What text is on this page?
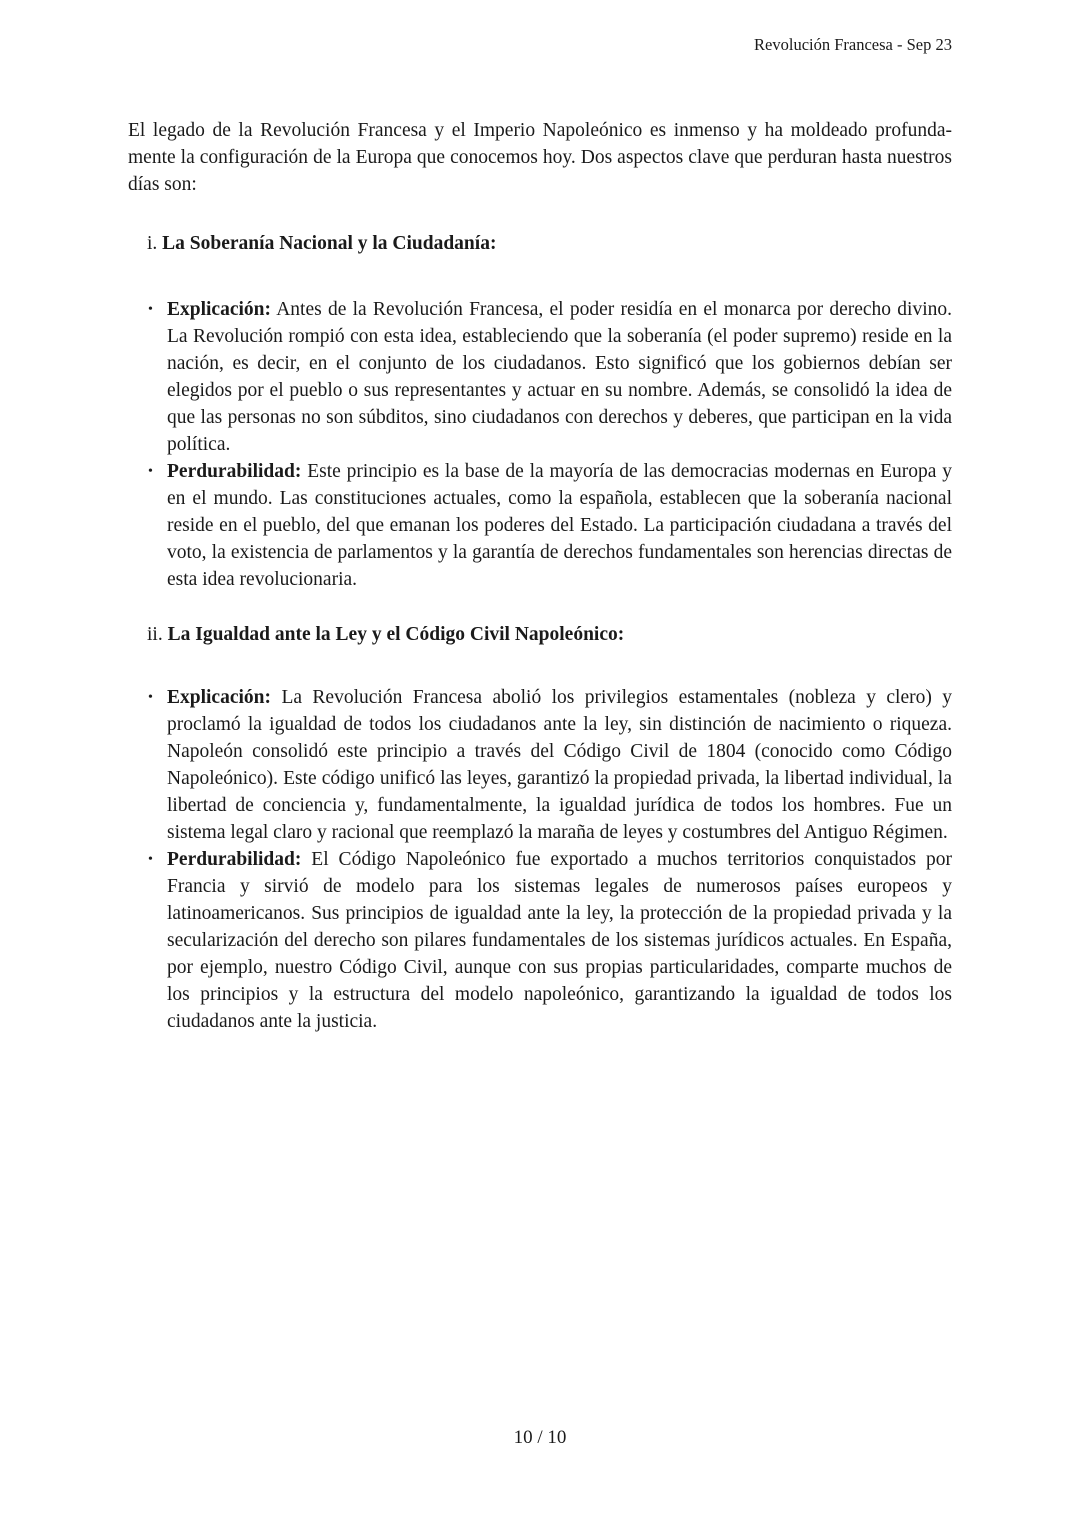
Revolución Francesa - Sep 23

El legado de la Revolución Francesa y el Imperio Napoleónico es inmenso y ha moldeado profundamente la configuración de la Europa que conocemos hoy. Dos aspectos clave que perduran hasta nuestros días son:

i. La Soberanía Nacional y la Ciudadanía:
• Explicación: Antes de la Revolución Francesa, el poder residía en el monarca por derecho divino. La Revolución rompió con esta idea, estableciendo que la soberanía (el poder supremo) reside en la nación, es decir, en el conjunto de los ciudadanos. Esto significó que los gobiernos debían ser elegidos por el pueblo o sus representantes y actuar en su nombre. Además, se consolidó la idea de que las personas no son súbditos, sino ciudadanos con derechos y deberes, que participan en la vida política.
• Perdurabilidad: Este principio es la base de la mayoría de las democracias modernas en Europa y en el mundo. Las constituciones actuales, como la española, establecen que la soberanía nacional reside en el pueblo, del que emanan los poderes del Estado. La participación ciudadana a través del voto, la existencia de parlamentos y la garantía de derechos fundamentales son herencias directas de esta idea revolucionaria.
ii. La Igualdad ante la Ley y el Código Civil Napoleónico:
• Explicación: La Revolución Francesa abolió los privilegios estamentales (nobleza y clero) y proclamó la igualdad de todos los ciudadanos ante la ley, sin distinción de nacimiento o riqueza. Napoleón consolidó este principio a través del Código Civil de 1804 (conocido como Código Napoleónico). Este código unificó las leyes, garantizó la propiedad privada, la libertad individual, la libertad de conciencia y, fundamentalmente, la igualdad jurídica de todos los hombres. Fue un sistema legal claro y racional que reemplazó la maraña de leyes y costumbres del Antiguo Régimen.
• Perdurabilidad: El Código Napoleónico fue exportado a muchos territorios conquistados por Francia y sirvió de modelo para los sistemas legales de numerosos países europeos y latinoamericanos. Sus principios de igualdad ante la ley, la protección de la propiedad privada y la secularización del derecho son pilares fundamentales de los sistemas jurídicos actuales. En España, por ejemplo, nuestro Código Civil, aunque con sus propias particularidades, comparte muchos de los principios y la estructura del modelo napoleónico, garantizando la igualdad de todos los ciudadanos ante la justicia.
10 / 10
